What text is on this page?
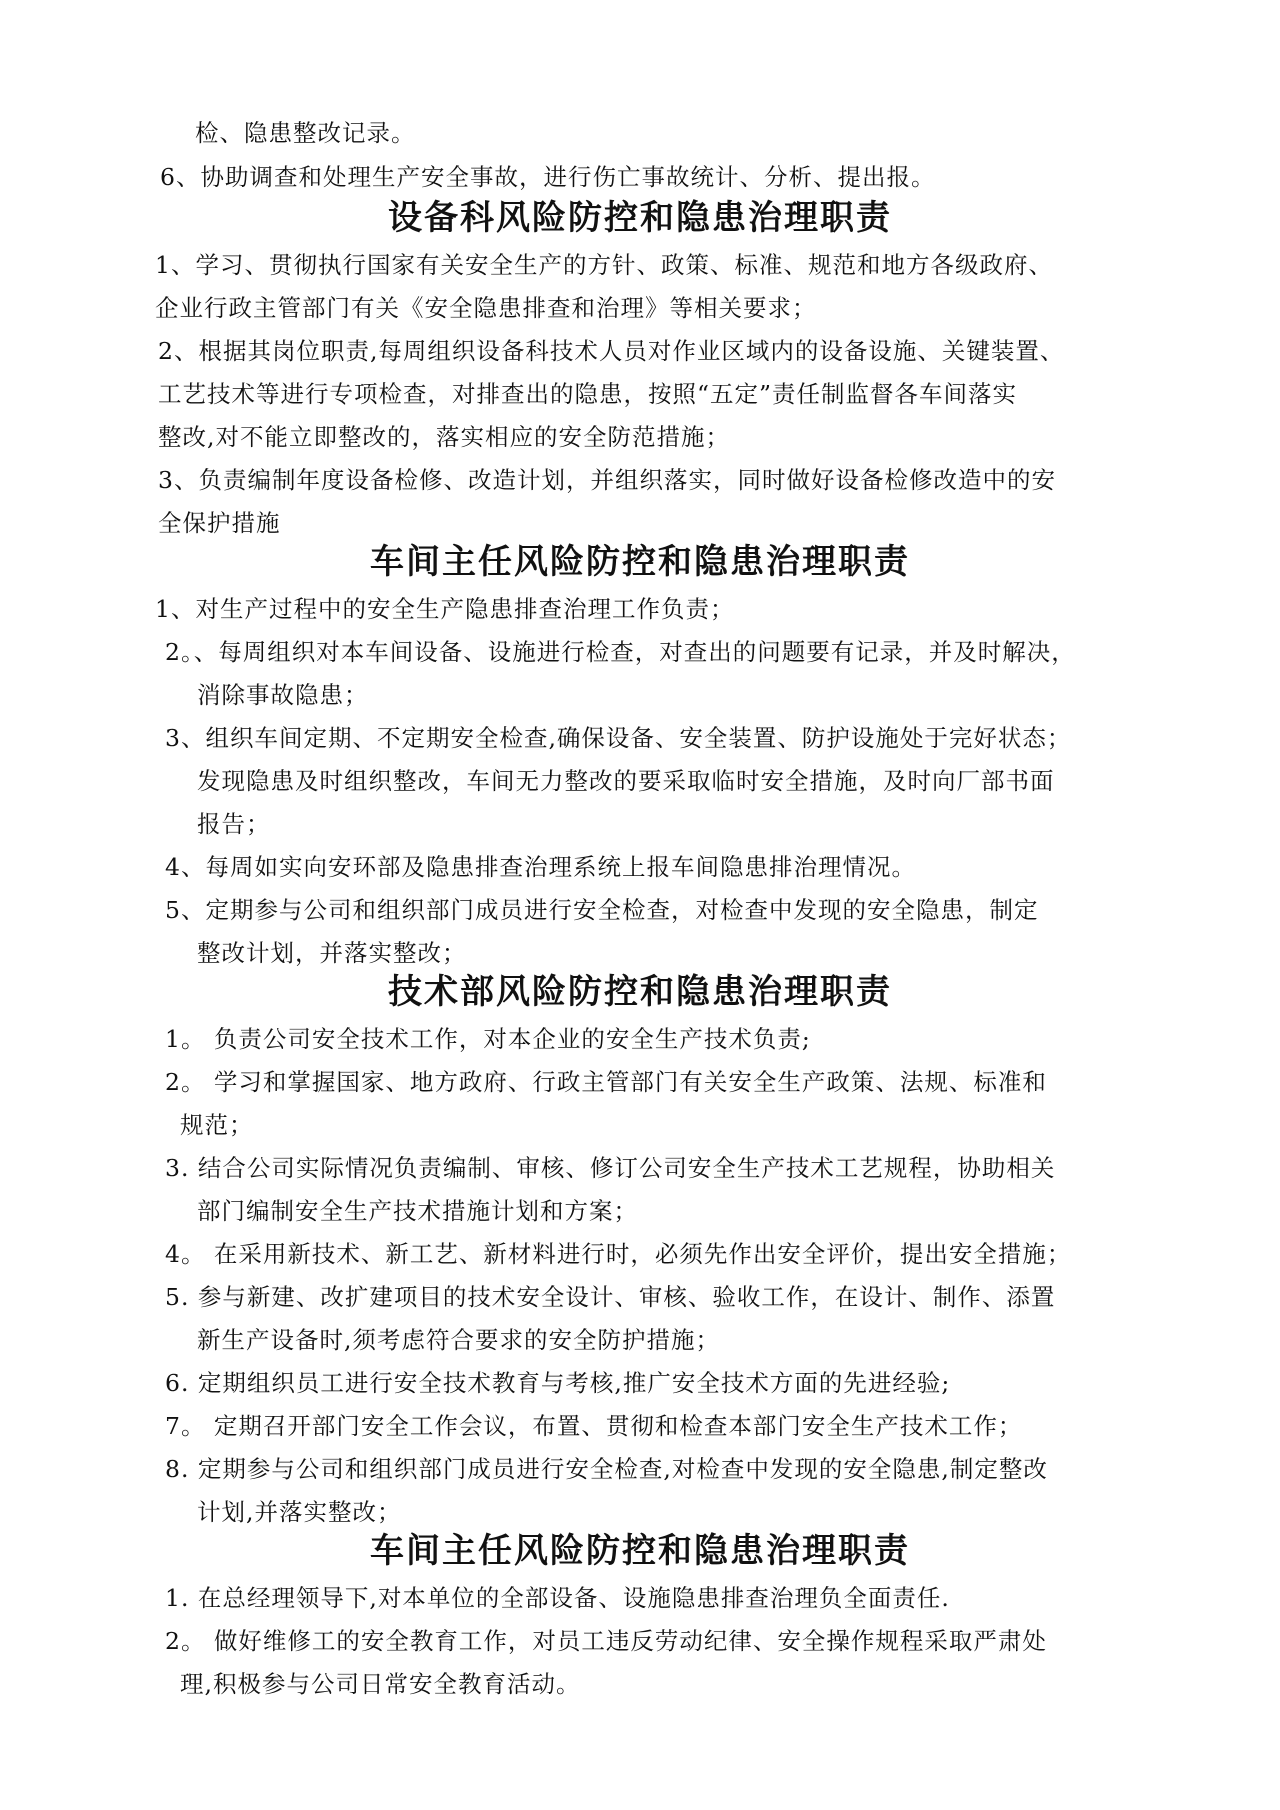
检、隐患整改记录。
6、协助调查和处理生产安全事故，进行伤亡事故统计、分析、提出报。
设备科风险防控和隐患治理职责
1、学习、贯彻执行国家有关安全生产的方针、政策、标准、规范和地方各级政府、
企业行政主管部门有关《安全隐患排查和治理》等相关要求；
2、根据其岗位职责,每周组织设备科技术人员对作业区域内的设备设施、关键装置、
工艺技术等进行专项检查，对排查出的隐患，按照“五定”责任制监督各车间落实
整改,对不能立即整改的，落实相应的安全防范措施；
3、负责编制年度设备检修、改造计划，并组织落实，同时做好设备检修改造中的安
全保护措施
车间主任风险防控和隐患治理职责
1、对生产过程中的安全生产隐患排查治理工作负责；
2。、每周组织对本车间设备、设施进行检查，对查出的问题要有记录，并及时解决，
消除事故隐患；
3、组织车间定期、不定期安全检查,确保设备、安全装置、防护设施处于完好状态；
发现隐患及时组织整改，车间无力整改的要采取临时安全措施，及时向厂部书面
报告；
4、每周如实向安环部及隐患排查治理系统上报车间隐患排治理情况。
5、定期参与公司和组织部门成员进行安全检查，对检查中发现的安全隐患，制定
整改计划，并落实整改；
技术部风险防控和隐患治理职责
1。 负责公司安全技术工作，对本企业的安全生产技术负责;
2。 学习和掌握国家、地方政府、行政主管部门有关安全生产政策、法规、标准和
规范；
3. 结合公司实际情况负责编制、审核、修订公司安全生产技术工艺规程，协助相关
部门编制安全生产技术措施计划和方案；
4。 在采用新技术、新工艺、新材料进行时，必须先作出安全评价，提出安全措施；
5. 参与新建、改扩建项目的技术安全设计、审核、验收工作，在设计、制作、添置
新生产设备时,须考虑符合要求的安全防护措施；
6. 定期组织员工进行安全技术教育与考核,推广安全技术方面的先进经验;
7。 定期召开部门安全工作会议，布置、贯彻和检查本部门安全生产技术工作；
8. 定期参与公司和组织部门成员进行安全检查,对检查中发现的安全隐患,制定整改
计划,并落实整改；
车间主任风险防控和隐患治理职责
1. 在总经理领导下,对本单位的全部设备、设施隐患排查治理负全面责任.
2。 做好维修工的安全教育工作，对员工违反劳动纪律、安全操作规程采取严肃处
理,积极参与公司日常安全教育活动。
